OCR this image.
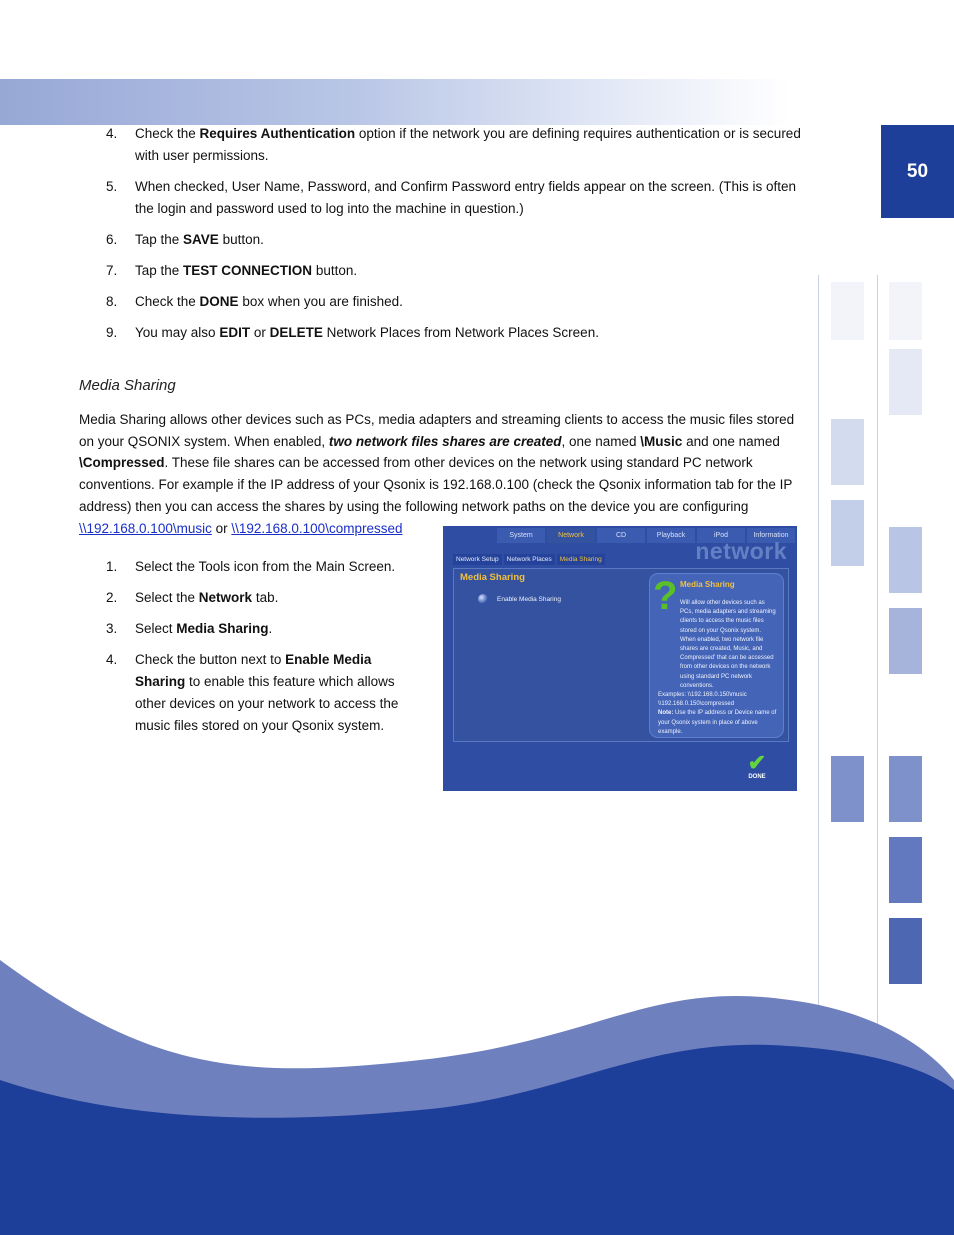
50
4. Check the Requires Authentication option if the network you are defining requires authentication or is secured with user permissions.
5. When checked, User Name, Password, and Confirm Password entry fields appear on the screen. (This is often the login and password used to log into the machine in question.)
6. Tap the SAVE button.
7. Tap the TEST CONNECTION button.
8. Check the DONE box when you are finished.
9. You may also EDIT or DELETE Network Places from Network Places Screen.
Media Sharing

Media Sharing allows other devices such as PCs, media adapters and streaming clients to access the music files stored on your QSONIX system. When enabled, two network files shares are created, one named \Music and one named \Compressed. These file shares can be accessed from other devices on the network using standard PC network conventions. For example if the IP address of your Qsonix is 192.168.0.100 (check the Qsonix information tab for the IP address) then you can access the shares by using the following network paths on the device you are configuring \\192.168.0.100\music or \\192.168.0.100\compressed

1. Select the Tools icon from the Main Screen.
2. Select the Network tab.
3. Select Media Sharing.
4. Check the button next to Enable Media Sharing to enable this feature which allows other devices on your network to access the music files stored on your Qsonix system.
System	Network	CD	Playback	iPod	Information
network
Network Setup	Network Places	Media Sharing
Media Sharing
Enable Media Sharing ? Media Sharing
Will allow other devices such as PCs, media adapters and streaming clients to access the music files stored on your Qsonix system. When enabled, two network file shares are created, Music, and Compressed' that can be accessed from other devices on the network using standard PC network conventions.
Examples: \\192.168.0.150\music \\192.168.0.150\compressed
Note: Use the IP address or Device name of your Qsonix system in place of above example.
✔
DONE
